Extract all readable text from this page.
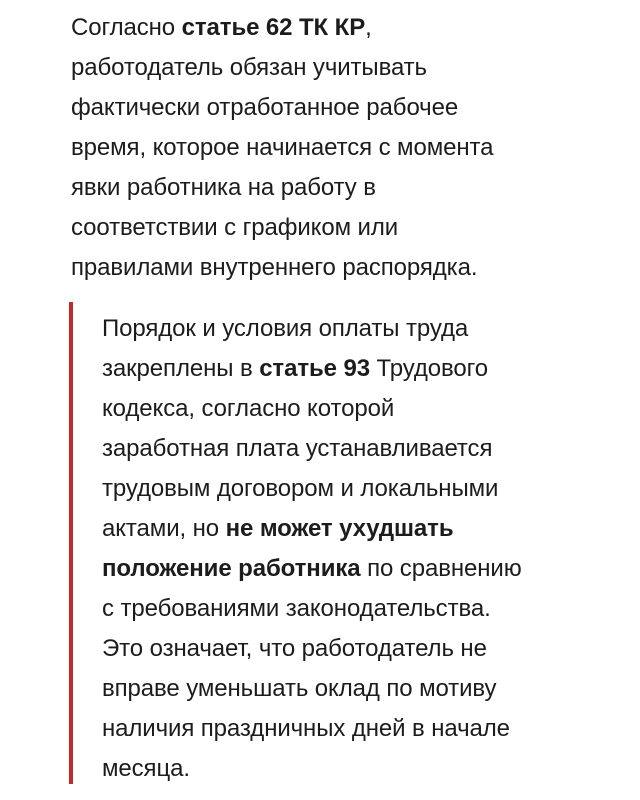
Согласно статье 62 ТК КР,
работодатель обязан учитывать
фактически отработанное рабочее
время, которое начинается с момента
явки работника на работу в
соответствии с графиком или
правилами внутреннего распорядка.
Порядок и условия оплаты труда
закреплены в статье 93 Трудового
кодекса, согласно которой
заработная плата устанавливается
трудовым договором и локальными
актами, но не может ухудшать
положение работника по сравнению
с требованиями законодательства.
Это означает, что работодатель не
вправе уменьшать оклад по мотиву
наличия праздничных дней в начале
месяца.
